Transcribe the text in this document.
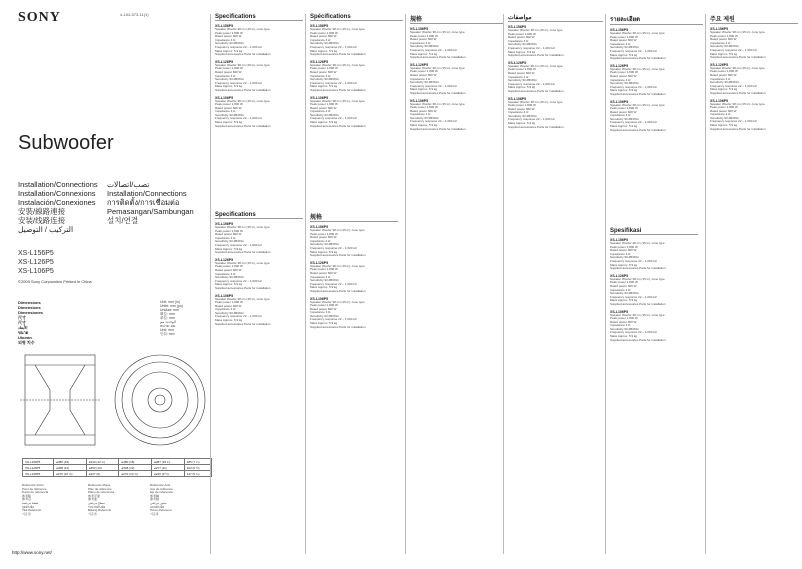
SONY	4-154-573-11(1)
Subwoofer
Installation/Connections
Installation/Connexions
Instalación/Conexiones
安裝/線路連接
安装/线路连接
التركيب / التوصيل
تصب/اتصالات
Installation/Connections
การติดตั้ง/การเชื่อมต่อ
Pemasangan/Sambungan
설치/연결
XS-L156P5
XS-L126P5
XS-L106P5
©2009 Sony Corporation Printed in China
Dimensions
Dimensions
Dimensiones
尺寸
尺寸
الأبعاد
ขนาด
Ukuran
외형 치수
Unit: mm (in)
Unité: mm (po)
Unidad: mm
單位: mm
单位: mm
الوحدة: مم
หน่วย: มม.
Unit: mm
단위: mm
XS-L156P5	ø380 (15)	ø310 (12 ¼)	ø380 (15)	ø387 (15 ¼)	185 (7 ¼)
XS-L126P5	ø308 (12)	ø253 (10)	ø308 (12)	ø277 (11)	163 (6 ½)
XS-L106P5	ø270 (10 ⅝)	ø227 (9)	ø270 (10 ⅝)	ø240 (9 ½)	147 (5 ¾)
Reference Point
Point de référence
Punto de referencia
參考點
参考点
نقطة مرجعية
จุดอ้างอิง
Titik Referensi
기준점
Reference Plane
Plan de référence
Plano de referencia
參考平面
参考面
سطح مرجعي
ระนาบอ้างอิง
Bidang Referensi
기준면
Reference Axis
Axe de référence
Eje de referencia
參考軸
参考轴
محور مرجعي
แกนอ้างอิง
Poros Referensi
기준축
http://www.sony.net/
Specifications
XS-L156P5
Speaker Woofer 38 cm (15 in), cone type
Peak power 1,800 W
Rated power 600 W
Impedance 4 Ω
Sensitivity 93 dB/W/m
Frequency response 22 – 1,000 Hz
Mass Approx. 5.9 kg
Supplied accessories Parts for installation
XS-L126P5
Speaker Woofer 38 cm (15 in), cone type
Peak power 1,800 W
Rated power 600 W
Impedance 4 Ω
Sensitivity 93 dB/W/m
Frequency response 22 – 1,000 Hz
Mass Approx. 5.9 kg
Supplied accessories Parts for installation
XS-L106P5
Speaker Woofer 38 cm (15 in), cone type
Peak power 1,800 W
Rated power 600 W
Impedance 4 Ω
Sensitivity 93 dB/W/m
Frequency response 22 – 1,000 Hz
Mass Approx. 5.9 kg
Supplied accessories Parts for installation
Spécifications
XS-L156P5
Speaker Woofer 38 cm (15 in), cone type
Peak power 1,800 W
Rated power 600 W
Impedance 4 Ω
Sensitivity 93 dB/W/m
Frequency response 22 – 1,000 Hz
Mass Approx. 5.9 kg
Supplied accessories Parts for installation
XS-L126P5
Speaker Woofer 38 cm (15 in), cone type
Peak power 1,800 W
Rated power 600 W
Impedance 4 Ω
Sensitivity 93 dB/W/m
Frequency response 22 – 1,000 Hz
Mass Approx. 5.9 kg
Supplied accessories Parts for installation
XS-L106P5
Speaker Woofer 38 cm (15 in), cone type
Peak power 1,800 W
Rated power 600 W
Impedance 4 Ω
Sensitivity 93 dB/W/m
Frequency response 22 – 1,000 Hz
Mass Approx. 5.9 kg
Supplied accessories Parts for installation
規格
XS-L156P5
Speaker Woofer 38 cm (15 in), cone type
Peak power 1,800 W
Rated power 600 W
Impedance 4 Ω
Sensitivity 93 dB/W/m
Frequency response 22 – 1,000 Hz
Mass Approx. 5.9 kg
Supplied accessories Parts for installation
XS-L126P5
Speaker Woofer 38 cm (15 in), cone type
Peak power 1,800 W
Rated power 600 W
Impedance 4 Ω
Sensitivity 93 dB/W/m
Frequency response 22 – 1,000 Hz
Mass Approx. 5.9 kg
Supplied accessories Parts for installation
XS-L106P5
Speaker Woofer 38 cm (15 in), cone type
Peak power 1,800 W
Rated power 600 W
Impedance 4 Ω
Sensitivity 93 dB/W/m
Frequency response 22 – 1,000 Hz
Mass Approx. 5.9 kg
Supplied accessories Parts for installation
مواصفات
XS-L156P5
Speaker Woofer 38 cm (15 in), cone type
Peak power 1,800 W
Rated power 600 W
Impedance 4 Ω
Sensitivity 93 dB/W/m
Frequency response 22 – 1,000 Hz
Mass Approx. 5.9 kg
Supplied accessories Parts for installation
XS-L126P5
Speaker Woofer 38 cm (15 in), cone type
Peak power 1,800 W
Rated power 600 W
Impedance 4 Ω
Sensitivity 93 dB/W/m
Frequency response 22 – 1,000 Hz
Mass Approx. 5.9 kg
Supplied accessories Parts for installation
XS-L106P5
Speaker Woofer 38 cm (15 in), cone type
Peak power 1,800 W
Rated power 600 W
Impedance 4 Ω
Sensitivity 93 dB/W/m
Frequency response 22 – 1,000 Hz
Mass Approx. 5.9 kg
Supplied accessories Parts for installation
รายละเอียด
XS-L156P5
Speaker Woofer 38 cm (15 in), cone type
Peak power 1,800 W
Rated power 600 W
Impedance 4 Ω
Sensitivity 93 dB/W/m
Frequency response 22 – 1,000 Hz
Mass Approx. 5.9 kg
Supplied accessories Parts for installation
XS-L126P5
Speaker Woofer 38 cm (15 in), cone type
Peak power 1,800 W
Rated power 600 W
Impedance 4 Ω
Sensitivity 93 dB/W/m
Frequency response 22 – 1,000 Hz
Mass Approx. 5.9 kg
Supplied accessories Parts for installation
XS-L106P5
Speaker Woofer 38 cm (15 in), cone type
Peak power 1,800 W
Rated power 600 W
Impedance 4 Ω
Sensitivity 93 dB/W/m
Frequency response 22 – 1,000 Hz
Mass Approx. 5.9 kg
Supplied accessories Parts for installation
주요 제원
XS-L156P5
Speaker Woofer 38 cm (15 in), cone type
Peak power 1,800 W
Rated power 600 W
Impedance 4 Ω
Sensitivity 93 dB/W/m
Frequency response 22 – 1,000 Hz
Mass Approx. 5.9 kg
Supplied accessories Parts for installation
XS-L126P5
Speaker Woofer 38 cm (15 in), cone type
Peak power 1,800 W
Rated power 600 W
Impedance 4 Ω
Sensitivity 93 dB/W/m
Frequency response 22 – 1,000 Hz
Mass Approx. 5.9 kg
Supplied accessories Parts for installation
XS-L106P5
Speaker Woofer 38 cm (15 in), cone type
Peak power 1,800 W
Rated power 600 W
Impedance 4 Ω
Sensitivity 93 dB/W/m
Frequency response 22 – 1,000 Hz
Mass Approx. 5.9 kg
Supplied accessories Parts for installation
Specifications
XS-L156P5
Speaker Woofer 38 cm (15 in), cone type
Peak power 1,800 W
Rated power 600 W
Impedance 4 Ω
Sensitivity 93 dB/W/m
Frequency response 22 – 1,000 Hz
Mass Approx. 5.9 kg
Supplied accessories Parts for installation
XS-L126P5
Speaker Woofer 38 cm (15 in), cone type
Peak power 1,800 W
Rated power 600 W
Impedance 4 Ω
Sensitivity 93 dB/W/m
Frequency response 22 – 1,000 Hz
Mass Approx. 5.9 kg
Supplied accessories Parts for installation
XS-L106P5
Speaker Woofer 38 cm (15 in), cone type
Peak power 1,800 W
Rated power 600 W
Impedance 4 Ω
Sensitivity 93 dB/W/m
Frequency response 22 – 1,000 Hz
Mass Approx. 5.9 kg
Supplied accessories Parts for installation
规格
XS-L156P5
Speaker Woofer 38 cm (15 in), cone type
Peak power 1,800 W
Rated power 600 W
Impedance 4 Ω
Sensitivity 93 dB/W/m
Frequency response 22 – 1,000 Hz
Mass Approx. 5.9 kg
Supplied accessories Parts for installation
XS-L126P5
Speaker Woofer 38 cm (15 in), cone type
Peak power 1,800 W
Rated power 600 W
Impedance 4 Ω
Sensitivity 93 dB/W/m
Frequency response 22 – 1,000 Hz
Mass Approx. 5.9 kg
Supplied accessories Parts for installation
XS-L106P5
Speaker Woofer 38 cm (15 in), cone type
Peak power 1,800 W
Rated power 600 W
Impedance 4 Ω
Sensitivity 93 dB/W/m
Frequency response 22 – 1,000 Hz
Mass Approx. 5.9 kg
Supplied accessories Parts for installation
Spesifikasi
XS-L156P5
Speaker Woofer 38 cm (15 in), cone type
Peak power 1,800 W
Rated power 600 W
Impedance 4 Ω
Sensitivity 93 dB/W/m
Frequency response 22 – 1,000 Hz
Mass Approx. 5.9 kg
Supplied accessories Parts for installation
XS-L126P5
Speaker Woofer 38 cm (15 in), cone type
Peak power 1,800 W
Rated power 600 W
Impedance 4 Ω
Sensitivity 93 dB/W/m
Frequency response 22 – 1,000 Hz
Mass Approx. 5.9 kg
Supplied accessories Parts for installation
XS-L106P5
Speaker Woofer 38 cm (15 in), cone type
Peak power 1,800 W
Rated power 600 W
Impedance 4 Ω
Sensitivity 93 dB/W/m
Frequency response 22 – 1,000 Hz
Mass Approx. 5.9 kg
Supplied accessories Parts for installation
